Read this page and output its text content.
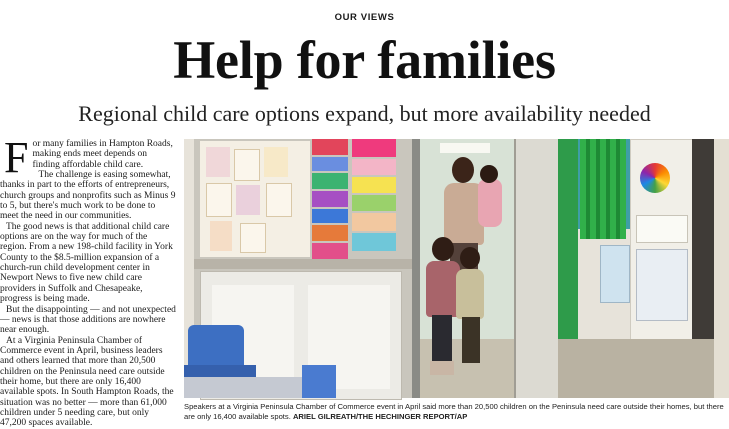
OUR VIEWS
Help for families
Regional child care options expand, but more availability needed

For many families in Hampton Roads, making ends meet depends on finding affordable child care.

The challenge is easing somewhat, thanks in part to the efforts of entrepreneurs, church groups and nonprofits such as Minus 9 to 5, but there's much work to be done to meet the need in our communities.

The good news is that additional child care options are on the way for much of the region. From a new 198-child facility in York County to the $8.5-million expansion of a church-run child development center in Newport News to five new child care providers in Suffolk and Chesapeake, progress is being made.

But the disappointing — and not unexpected — news is that those additions are nowhere near enough.

At a Virginia Peninsula Chamber of Commerce event in April, business leaders and others learned that more than 20,500 children on the Peninsula need care outside their home, but there are only 16,400 available spots. In South Hampton Roads, the situation was no better — more than 61,000 children under 5 needing care, but only 47,200 spaces available.

Speakers at a Virginia Peninsula Chamber of Commerce event in April said more than 20,500 children on the Peninsula need care outside their homes, but there are only 16,400 available spots. ARIEL GILREATH/THE HECHINGER REPORT/AP
